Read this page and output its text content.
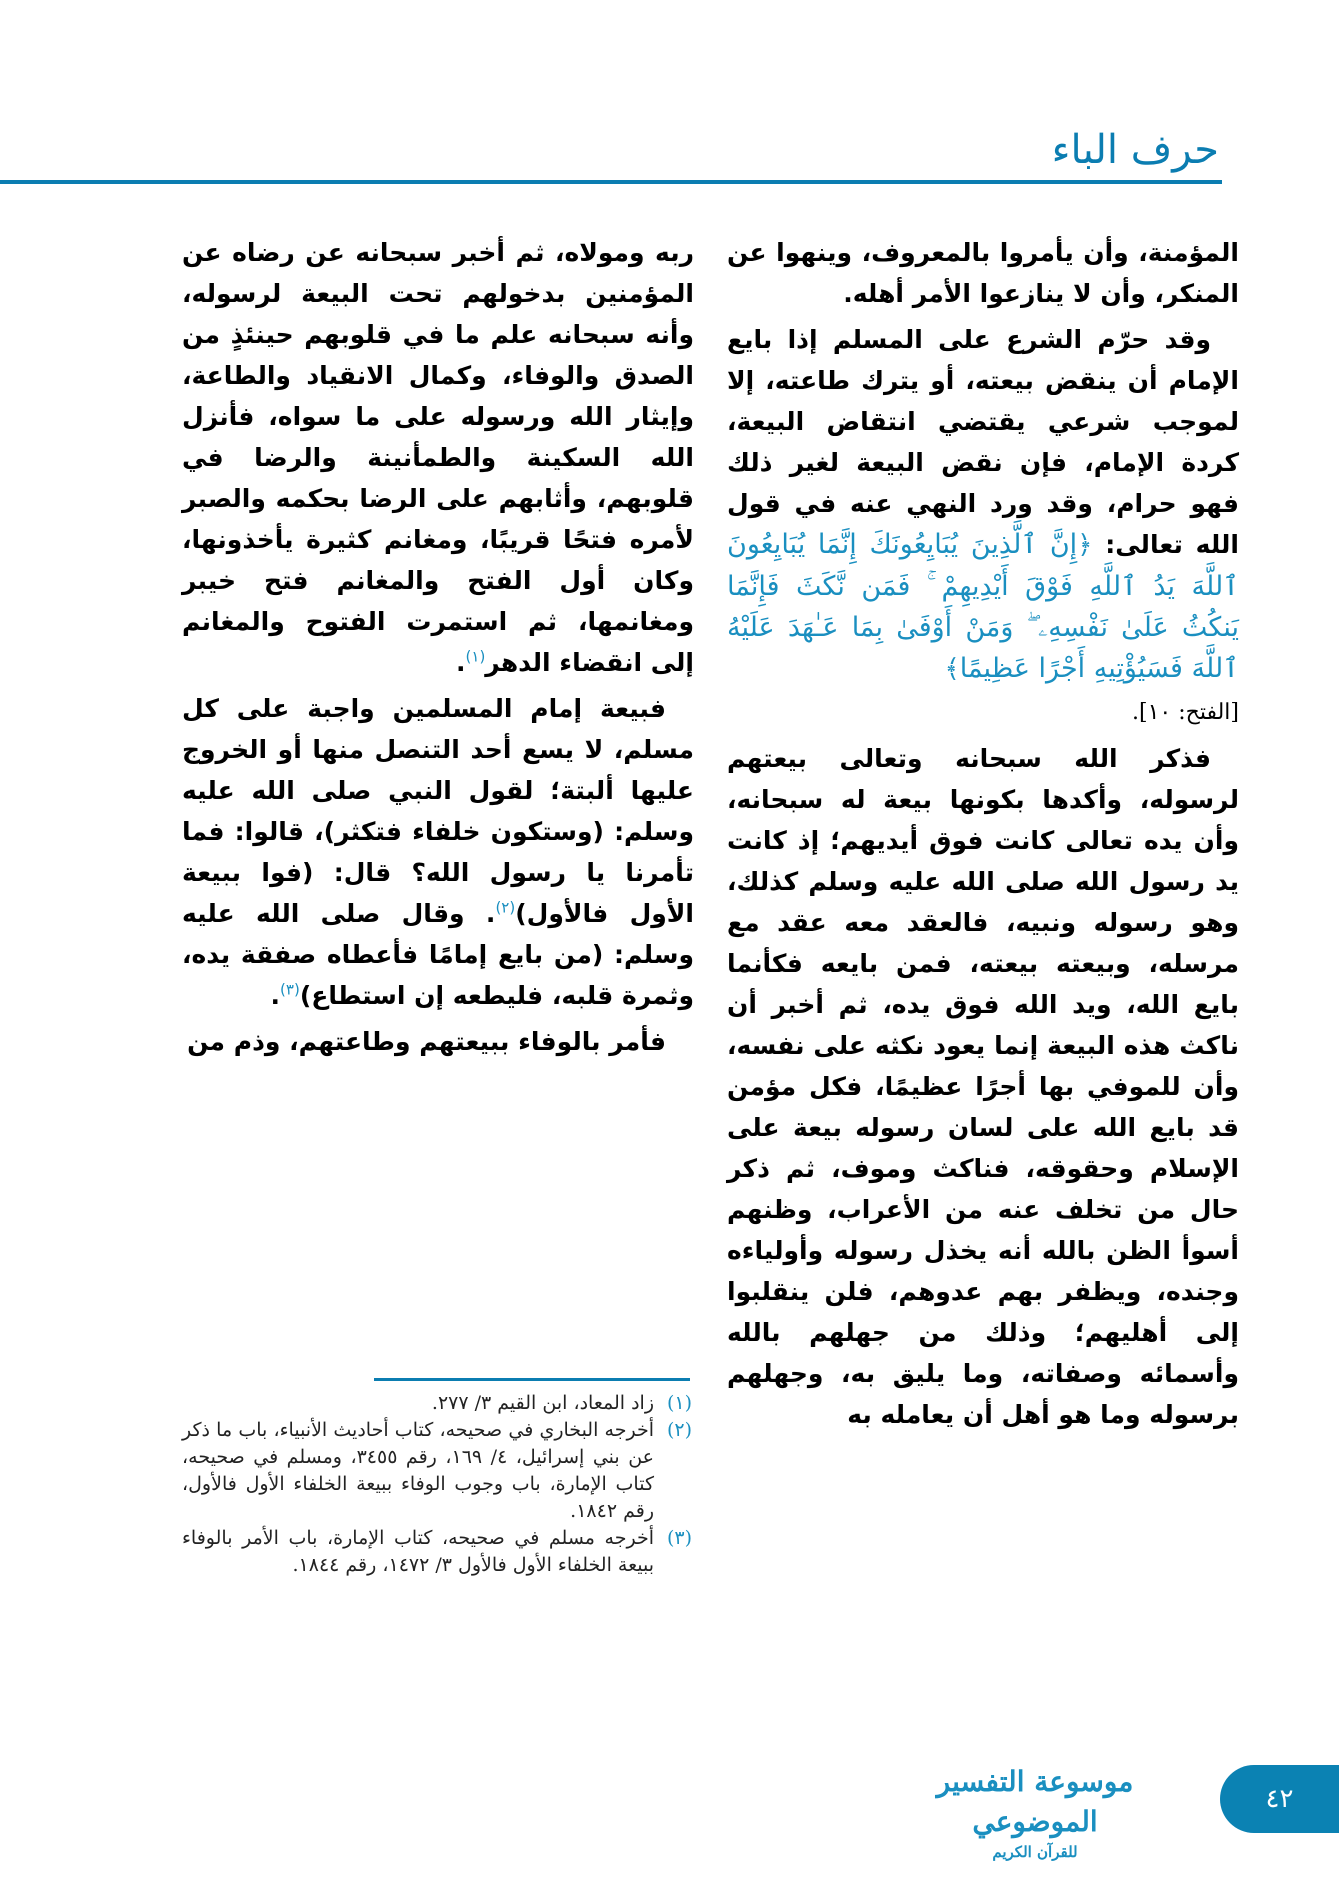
حرف الباء

المؤمنة، وأن يأمروا بالمعروف، وينهوا عن المنكر، وأن لا ينازعوا الأمر أهله.

وقد حرّم الشرع على المسلم إذا بايع الإمام أن ينقض بيعته، أو يترك طاعته، إلا لموجب شرعي يقتضي انتقاض البيعة، كردة الإمام، فإن نقض البيعة لغير ذلك فهو حرام، وقد ورد النهي عنه في قول الله تعالى: ﴿إِنَّ ٱلَّذِينَ يُبَايِعُونَكَ إِنَّمَا يُبَايِعُونَ ٱللَّهَ يَدُ ٱللَّهِ فَوْقَ أَيْدِيهِمْ ۚ فَمَن نَّكَثَ فَإِنَّمَا يَنكُثُ عَلَىٰ نَفْسِهِۦ ۖ وَمَنْ أَوْفَىٰ بِمَا عَـٰهَدَ عَلَيْهُ ٱللَّهَ فَسَيُؤْتِيهِ أَجْرًا عَظِيمًا﴾
[الفتح: ١٠].

فذكر الله سبحانه وتعالى بيعتهم لرسوله، وأكدها بكونها بيعة له سبحانه، وأن يده تعالى كانت فوق أيديهم؛ إذ كانت يد رسول الله صلى الله عليه وسلم كذلك، وهو رسوله ونبيه، فالعقد معه عقد مع مرسله، وبيعته بيعته، فمن بايعه فكأنما بايع الله، ويد الله فوق يده، ثم أخبر أن ناكث هذه البيعة إنما يعود نكثه على نفسه، وأن للموفي بها أجرًا عظيمًا، فكل مؤمن قد بايع الله على لسان رسوله بيعة على الإسلام وحقوقه، فناكث وموف، ثم ذكر حال من تخلف عنه من الأعراب، وظنهم أسوأ الظن بالله أنه يخذل رسوله وأولياءه وجنده، ويظفر بهم عدوهم، فلن ينقلبوا إلى أهليهم؛ وذلك من جهلهم بالله وأسمائه وصفاته، وما يليق به، وجهلهم برسوله وما هو أهل أن يعامله به

ربه ومولاه، ثم أخبر سبحانه عن رضاه عن المؤمنين بدخولهم تحت البيعة لرسوله، وأنه سبحانه علم ما في قلوبهم حينئذٍ من الصدق والوفاء، وكمال الانقياد والطاعة، وإيثار الله ورسوله على ما سواه، فأنزل الله السكينة والطمأنينة والرضا في قلوبهم، وأثابهم على الرضا بحكمه والصبر لأمره فتحًا قريبًا، ومغانم كثيرة يأخذونها، وكان أول الفتح والمغانم فتح خيبر ومغانمها، ثم استمرت الفتوح والمغانم إلى انقضاء الدهر$^{(١)}$.

فبيعة إمام المسلمين واجبة على كل مسلم، لا يسع أحد التنصل منها أو الخروج عليها ألبتة؛ لقول النبي صلى الله عليه وسلم: (وستكون خلفاء فتكثر)، قالوا: فما تأمرنا يا رسول الله؟ قال: (فوا ببيعة الأول فالأول)$^{(٢)}$. وقال صلى الله عليه وسلم: (من بايع إمامًا فأعطاه صفقة يده، وثمرة قلبه، فليطعه إن استطاع)$^{(٣)}$.

فأمر بالوفاء ببيعتهم وطاعتهم، وذم من

(١)
زاد المعاد، ابن القيم ٣/ ٢٧٧.
(٢)
أخرجه البخاري في صحيحه، كتاب أحاديث الأنبياء، باب ما ذكر عن بني إسرائيل، ٤/ ١٦٩، رقم ٣٤٥٥، ومسلم في صحيحه، كتاب الإمارة، باب وجوب الوفاء ببيعة الخلفاء الأول فالأول، رقم ١٨٤٢.
(٣)
أخرجه مسلم في صحيحه، كتاب الإمارة، باب الأمر بالوفاء ببيعة الخلفاء الأول فالأول ٣/ ١٤٧٢، رقم ١٨٤٤.
موسوعة التفسير الموضوعي
للقرآن الكريم
٤٢
